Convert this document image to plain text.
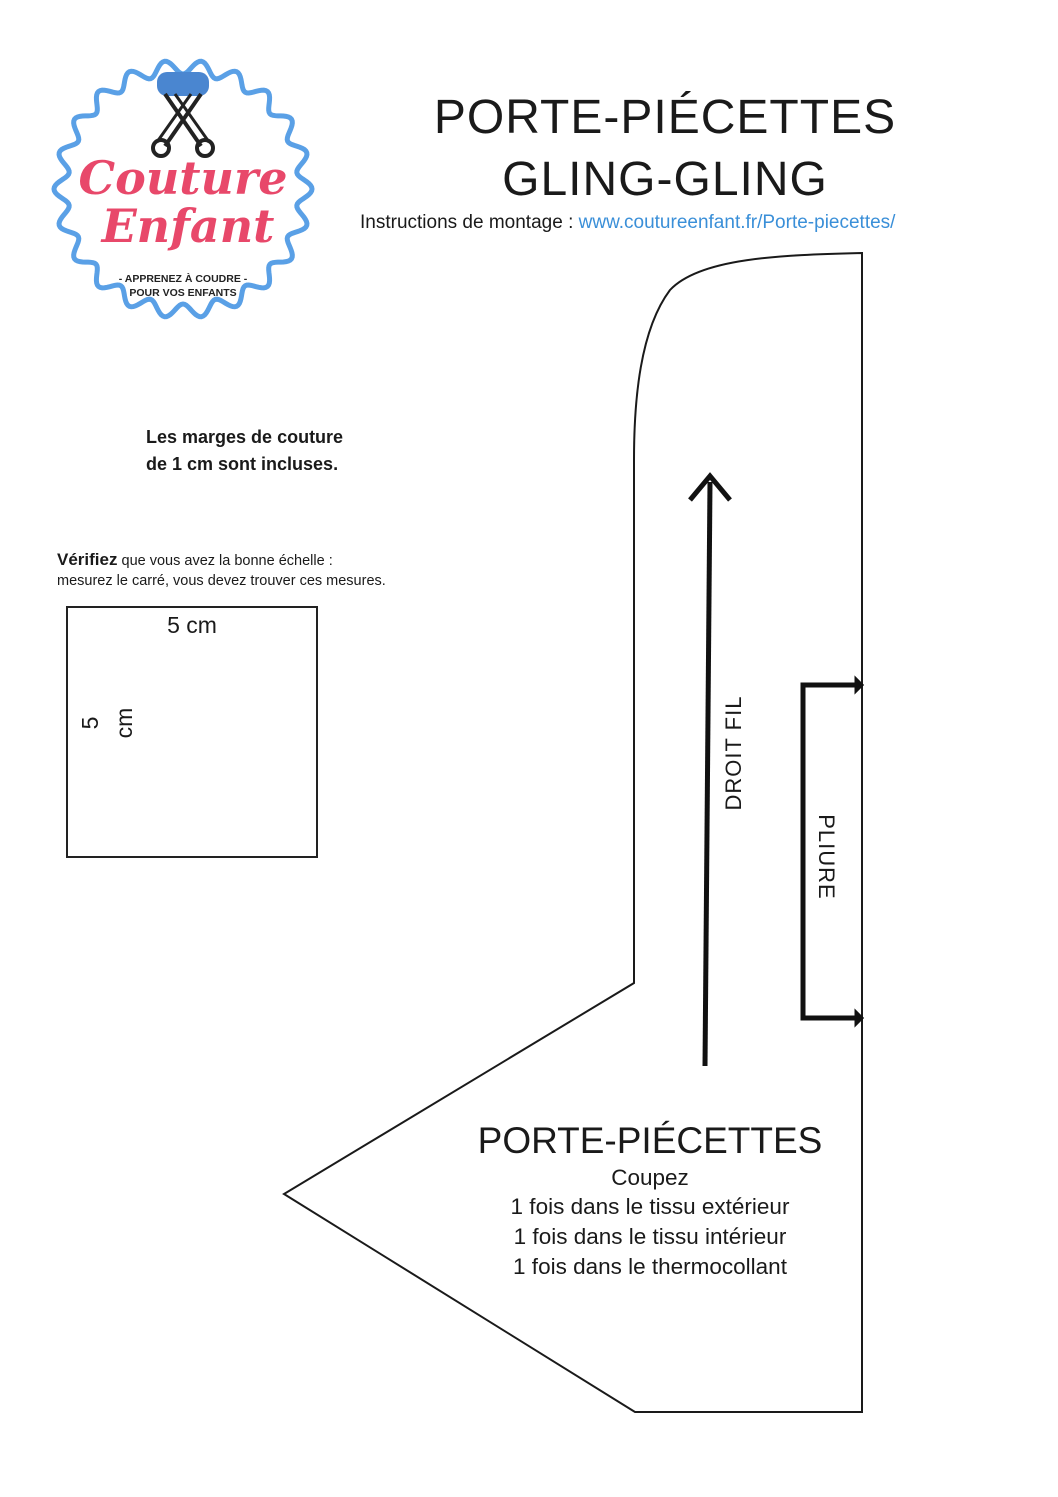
Couture
Enfant
- APPRENEZ À COUDRE -
POUR VOS ENFANTS
PORTE-PIÉCETTES
GLING-GLING
Instructions de montage : www.coutureenfant.fr/Porte-piecettes/
Les marges de couture
de 1 cm sont incluses.
Vérifiez que vous avez la bonne échelle :
mesurez le carré, vous devez trouver ces mesures.
5 cm
5 cm	DROIT FIL
PLIURE
PORTE-PIÉCETTES
Coupez
1 fois dans le tissu extérieur
1 fois dans le tissu intérieur
1 fois dans le thermocollant
